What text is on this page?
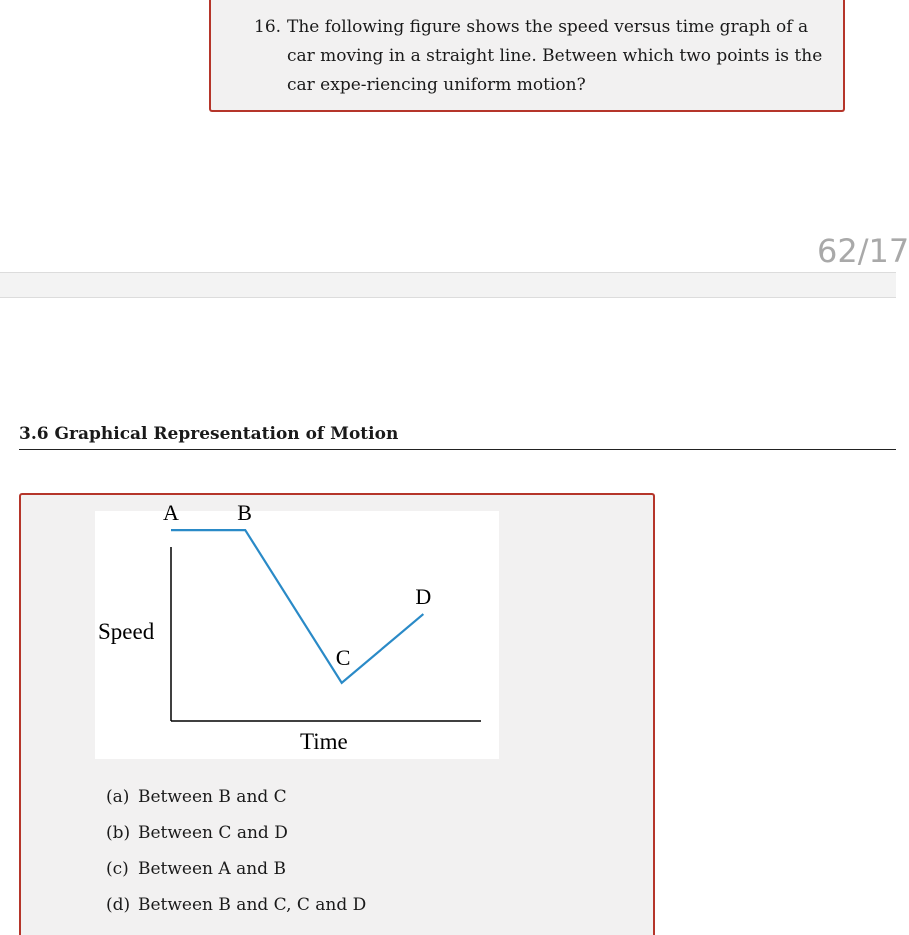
16. The following figure shows the speed versus time graph of a car moving in a straight line. Between which two points is the car expe-riencing uniform motion?
62/17
3.6 Graphical Representation of Motion
Speed
Time
A	B
C
D
(a) Between B and C
(b) Between C and D
(c) Between A and B
(d) Between B and C, C and D
